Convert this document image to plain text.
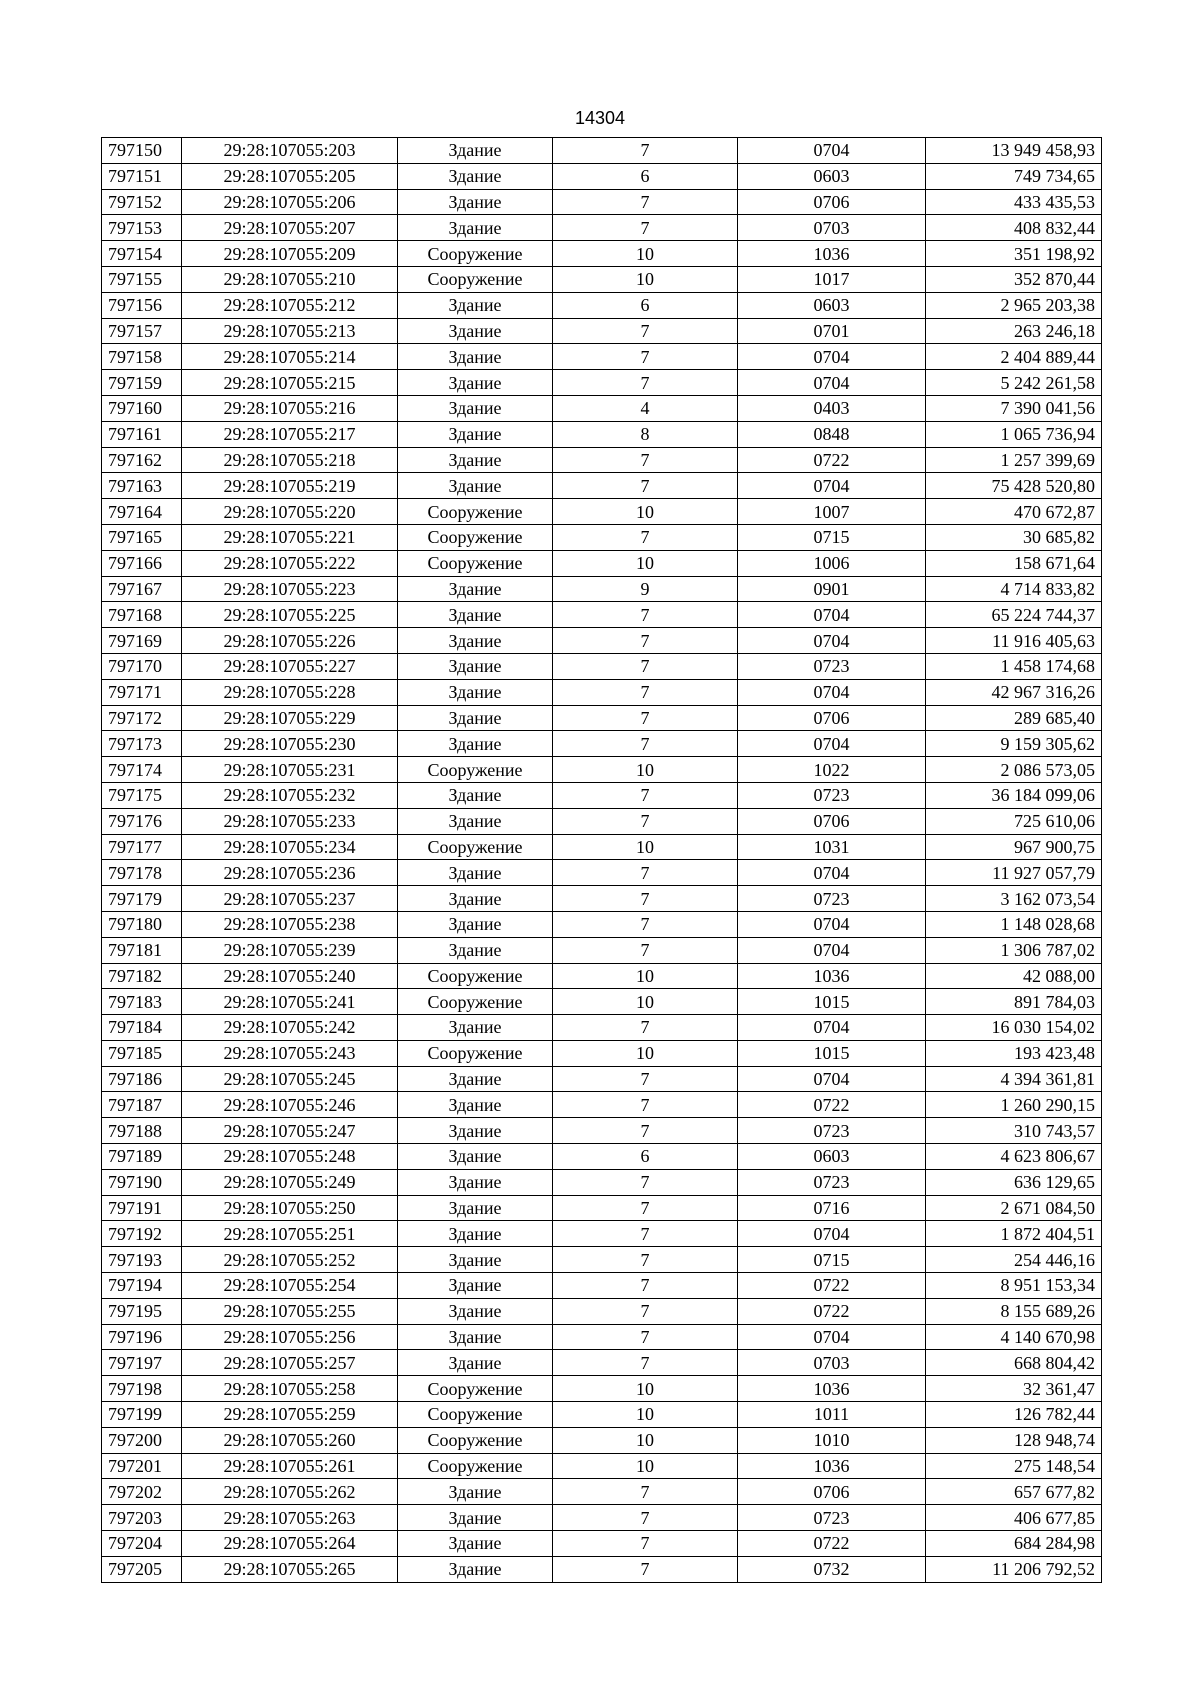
14304
797150	29:28:107055:203	Здание	7	0704	13 949 458,93
797151	29:28:107055:205	Здание	6	0603	749 734,65
797152	29:28:107055:206	Здание	7	0706	433 435,53
797153	29:28:107055:207	Здание	7	0703	408 832,44
797154	29:28:107055:209	Сооружение	10	1036	351 198,92
797155	29:28:107055:210	Сооружение	10	1017	352 870,44
797156	29:28:107055:212	Здание	6	0603	2 965 203,38
797157	29:28:107055:213	Здание	7	0701	263 246,18
797158	29:28:107055:214	Здание	7	0704	2 404 889,44
797159	29:28:107055:215	Здание	7	0704	5 242 261,58
797160	29:28:107055:216	Здание	4	0403	7 390 041,56
797161	29:28:107055:217	Здание	8	0848	1 065 736,94
797162	29:28:107055:218	Здание	7	0722	1 257 399,69
797163	29:28:107055:219	Здание	7	0704	75 428 520,80
797164	29:28:107055:220	Сооружение	10	1007	470 672,87
797165	29:28:107055:221	Сооружение	7	0715	30 685,82
797166	29:28:107055:222	Сооружение	10	1006	158 671,64
797167	29:28:107055:223	Здание	9	0901	4 714 833,82
797168	29:28:107055:225	Здание	7	0704	65 224 744,37
797169	29:28:107055:226	Здание	7	0704	11 916 405,63
797170	29:28:107055:227	Здание	7	0723	1 458 174,68
797171	29:28:107055:228	Здание	7	0704	42 967 316,26
797172	29:28:107055:229	Здание	7	0706	289 685,40
797173	29:28:107055:230	Здание	7	0704	9 159 305,62
797174	29:28:107055:231	Сооружение	10	1022	2 086 573,05
797175	29:28:107055:232	Здание	7	0723	36 184 099,06
797176	29:28:107055:233	Здание	7	0706	725 610,06
797177	29:28:107055:234	Сооружение	10	1031	967 900,75
797178	29:28:107055:236	Здание	7	0704	11 927 057,79
797179	29:28:107055:237	Здание	7	0723	3 162 073,54
797180	29:28:107055:238	Здание	7	0704	1 148 028,68
797181	29:28:107055:239	Здание	7	0704	1 306 787,02
797182	29:28:107055:240	Сооружение	10	1036	42 088,00
797183	29:28:107055:241	Сооружение	10	1015	891 784,03
797184	29:28:107055:242	Здание	7	0704	16 030 154,02
797185	29:28:107055:243	Сооружение	10	1015	193 423,48
797186	29:28:107055:245	Здание	7	0704	4 394 361,81
797187	29:28:107055:246	Здание	7	0722	1 260 290,15
797188	29:28:107055:247	Здание	7	0723	310 743,57
797189	29:28:107055:248	Здание	6	0603	4 623 806,67
797190	29:28:107055:249	Здание	7	0723	636 129,65
797191	29:28:107055:250	Здание	7	0716	2 671 084,50
797192	29:28:107055:251	Здание	7	0704	1 872 404,51
797193	29:28:107055:252	Здание	7	0715	254 446,16
797194	29:28:107055:254	Здание	7	0722	8 951 153,34
797195	29:28:107055:255	Здание	7	0722	8 155 689,26
797196	29:28:107055:256	Здание	7	0704	4 140 670,98
797197	29:28:107055:257	Здание	7	0703	668 804,42
797198	29:28:107055:258	Сооружение	10	1036	32 361,47
797199	29:28:107055:259	Сооружение	10	1011	126 782,44
797200	29:28:107055:260	Сооружение	10	1010	128 948,74
797201	29:28:107055:261	Сооружение	10	1036	275 148,54
797202	29:28:107055:262	Здание	7	0706	657 677,82
797203	29:28:107055:263	Здание	7	0723	406 677,85
797204	29:28:107055:264	Здание	7	0722	684 284,98
797205	29:28:107055:265	Здание	7	0732	11 206 792,52
